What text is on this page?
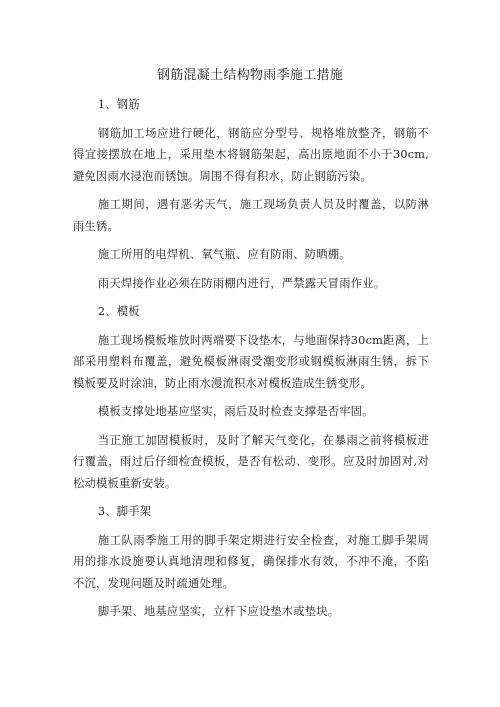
钢筋混凝土结构物雨季施工措施

1、钢筋

钢筋加工场应进行硬化，钢筋应分型号、规格堆放整齐，钢筋不得宜接摆放在地上，采用垫木将钢筋架起，高出原地面不小于30cm,避免因雨水浸泡而锈蚀。周围不得有积水，防止钢筋污染。

施工期间，遇有恶劣天气，施工现场负责人员及时覆盖，以防淋雨生锈。

施工所用的电焊机、氧气瓶、应有防雨、防晒棚。

雨天焊接作业必须在防雨棚内进行，严禁露天冒雨作业。

2、模板

施工现场模板堆放时两端要下设垫木，与地面保持30cm距离，上部采用塑料布覆盖，避免模板淋雨受潮变形或钢模板淋雨生锈，拆下模板要及时涂油，防止雨水漫流积水对模板造成生锈变形。

模板支撑处地基应坚实，雨后及时检查支撑是否牢固。

当正施工加固模板时，及时了解天气变化，在暴雨之前将模板进行覆盖，雨过后仔细检查模板，是否有松动、变形。应及时加固对,对松动模板重新安装。

3、脚手架

施工队雨季施工用的脚手架定期进行安全检查，对施工脚手架周用的排水设施要认真地清理和修复，确保排水有效，不冲不淹，不陷不沉，发现问题及时疏通处理。

脚手架、地基应坚实，立杆下应设垫木或垫块。
